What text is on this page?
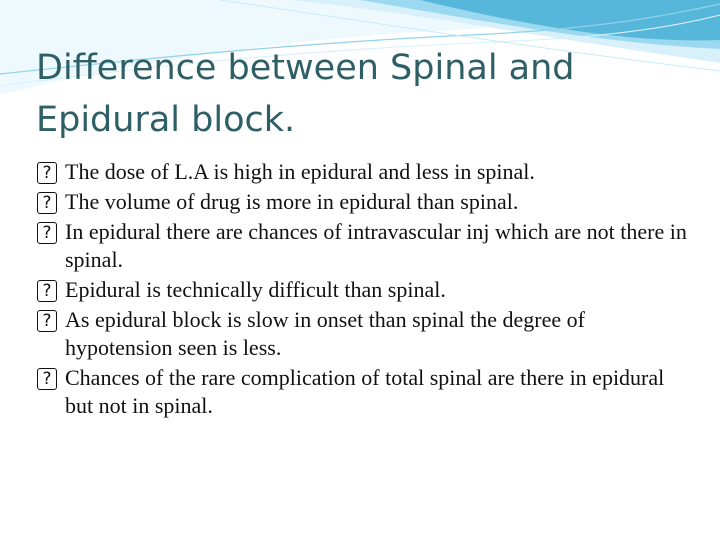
Difference between Spinal and Epidural block.
? The dose of L.A is high in epidural and less in spinal.
? The volume of drug is more in epidural than spinal.
? In epidural there are chances of intravascular inj which are not there in spinal.
? Epidural is technically difficult than spinal.
? As epidural block is slow in onset than spinal the degree of hypotension seen is less.
? Chances of the rare complication of total spinal are there in epidural but not in spinal.
